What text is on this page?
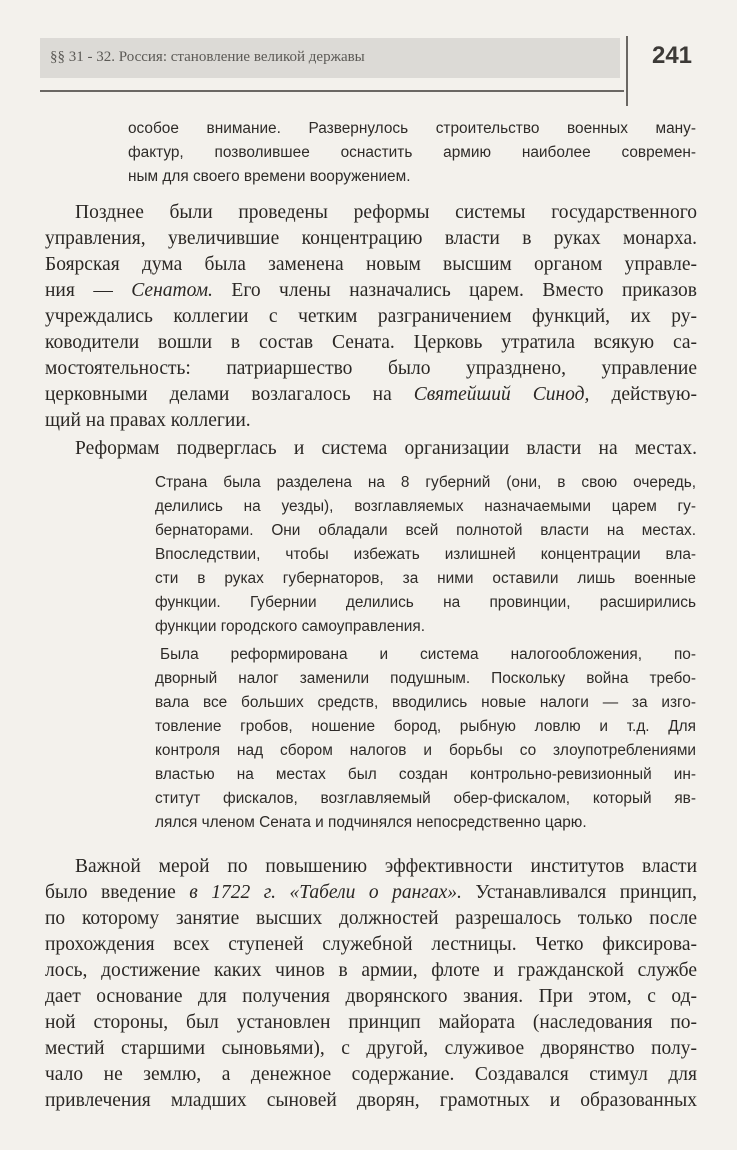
§§ 31 - 32. Россия: становление великой державы	241

особое внимание. Развернулось строительство военных ману-

фактур, позволившее оснастить армию наиболее современ-

ным для своего времени вооружением.

Позднее были проведены реформы системы государственного

управления, увеличившие концентрацию власти в руках монарха.

Боярская дума была заменена новым высшим органом управле-

ния — Сенатом. Его члены назначались царем. Вместо приказов

учреждались коллегии с четким разграничением функций, их ру-

ководители вошли в состав Сената. Церковь утратила всякую са-

мостоятельность: патриаршество было упразднено, управление

церковными делами возлагалось на Святейший Синод, действую-

щий на правах коллегии.

Реформам подверглась и система организации власти на местах.

Страна была разделена на 8 губерний (они, в свою очередь,

делились на уезды), возглавляемых назначаемыми царем гу-

бернаторами. Они обладали всей полнотой власти на местах.

Впоследствии, чтобы избежать излишней концентрации вла-

сти в руках губернаторов, за ними оставили лишь военные

функции. Губернии делились на провинции, расширились

функции городского самоуправления.

Была реформирована и система налогообложения, по-

дворный налог заменили подушным. Поскольку война требо-

вала все больших средств, вводились новые налоги — за изго-

товление гробов, ношение бород, рыбную ловлю и т.д. Для

контроля над сбором налогов и борьбы со злоупотреблениями

властью на местах был создан контрольно-ревизионный ин-

ститут фискалов, возглавляемый обер-фискалом, который яв-

лялся членом Сената и подчинялся непосредственно царю.

Важной мерой по повышению эффективности институтов власти

было введение в 1722 г. «Табели о рангах». Устанавливался принцип,

по которому занятие высших должностей разрешалось только после

прохождения всех ступеней служебной лестницы. Четко фиксирова-

лось, достижение каких чинов в армии, флоте и гражданской службе

дает основание для получения дворянского звания. При этом, с од-

ной стороны, был установлен принцип майората (наследования по-

местий старшими сыновьями), с другой, служивое дворянство полу-

чало не землю, а денежное содержание. Создавался стимул для

привлечения младших сыновей дворян, грамотных и образованных
